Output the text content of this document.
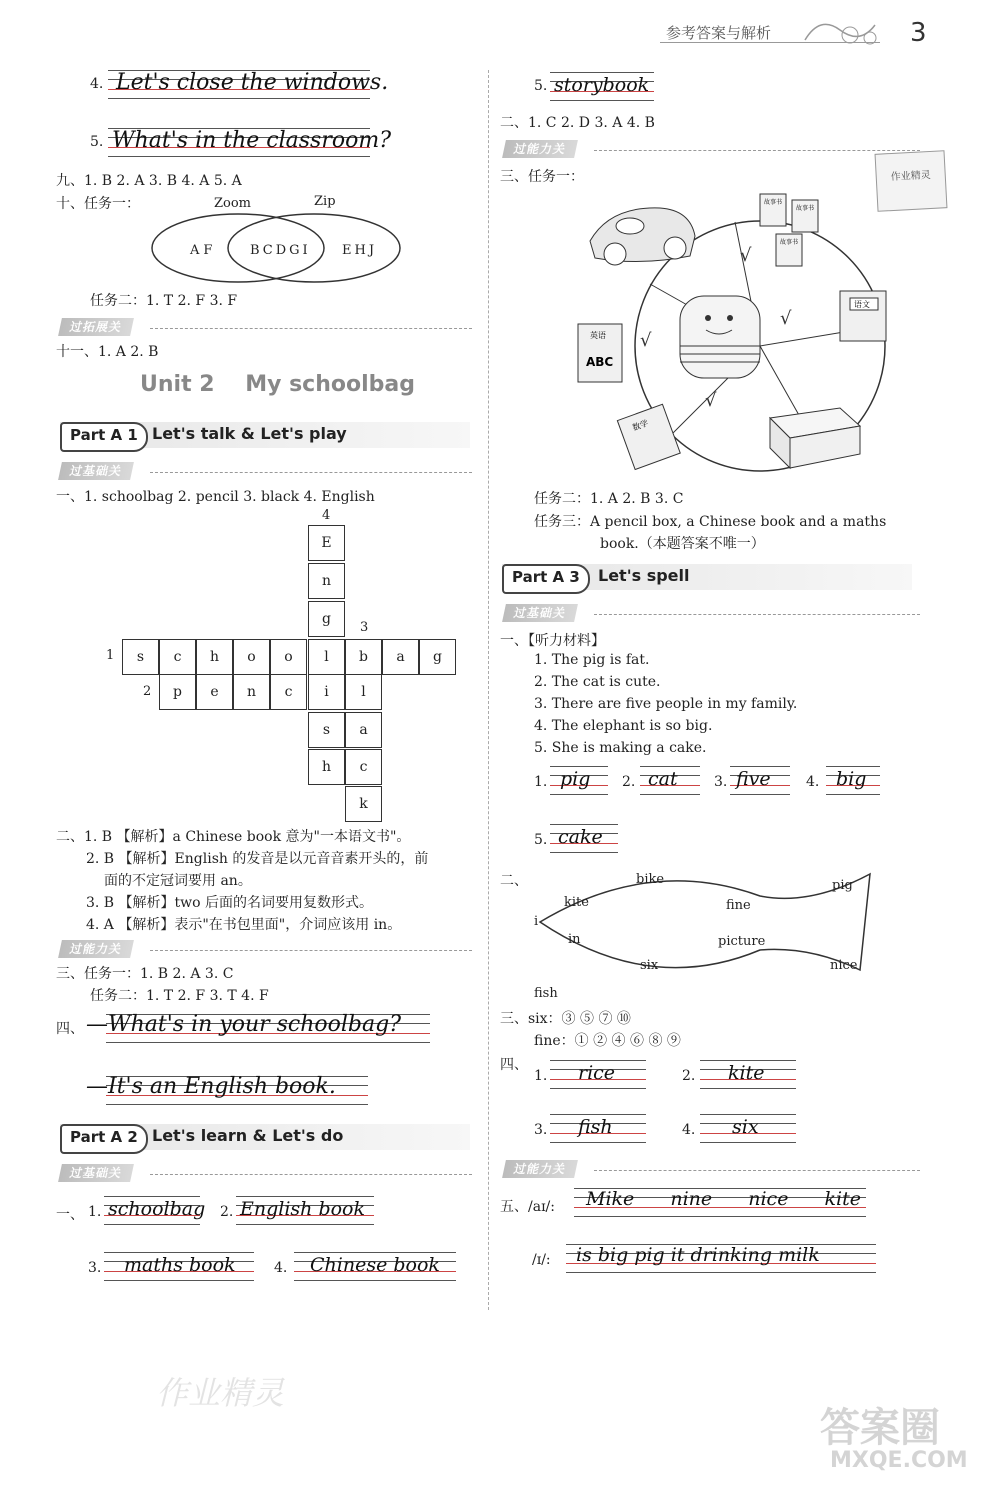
参考答案与解析	3
4. Let's close the windows.
5. What's in the classroom?
九、1. B 2. A 3. B 4. A 5. A
十、任务一：	Zoom	Zip
AF	BCDGI EHJ
任务二：1. T 2. F 3. F
过拓展关
十一、1. A 2. B
Unit 2    My schoolbag
Part A 1 Let's talk & Let's play
过基础关
一、1. schoolbag 2. pencil 3. black 4. English
4
3
1
2
E
n
g
s	c	h	o	o	l	b	a	g
p	e	n	c	i	l
s
h
a
c
k
二、1. B 【解析】a Chinese book 意为"一本语文书"。
2. B 【解析】English 的发音是以元音音素开头的，前
面的不定冠词要用 an。
3. B 【解析】two 后面的名词要用复数形式。
4. A 【解析】表示"在书包里面"，介词应该用 in。
过能力关
三、任务一：1. B 2. A 3. C
任务二：1. T 2. F 3. T 4. F
四、 —What's in your schoolbag?
—It's an English book.
Part A 2 Let's learn & Let's do
过基础关
一、 1. schoolbag 2. English book
3. maths book	4. Chinese book
作业精灵
5. storybook
二、1. C 2. D 3. A 4. B
过能力关
三、任务一：	作业精灵
故事书
故事书
故事书
√
√
√
√
英语
ABC
语文
数学
任务二：1. A 2. B 3. C
任务三：A pencil box, a Chinese book and a maths
book.（本题答案不唯一）
Part A 3	Let's spell
过基础关
一、【听力材料】
1. The pig is fat.
2. The cat is cute.
3. There are five people in my family.
4. The elephant is so big.
5. She is making a cake.
1. pig 2. cat	3. five	4. big
5. cake
二、
i
kite
bike
fine
pig
in
six
picture
nice
fish
三、six：③ ⑤ ⑦ ⑩
fine：① ② ④ ⑥ ⑧ ⑨
四、
1. rice	2. kite
3. fish	4. six
过能力关
五、/aɪ/: Mike  nine  nice  kite
/ɪ/: is big pig it drinking milk
答案圈
MXQE.COM
